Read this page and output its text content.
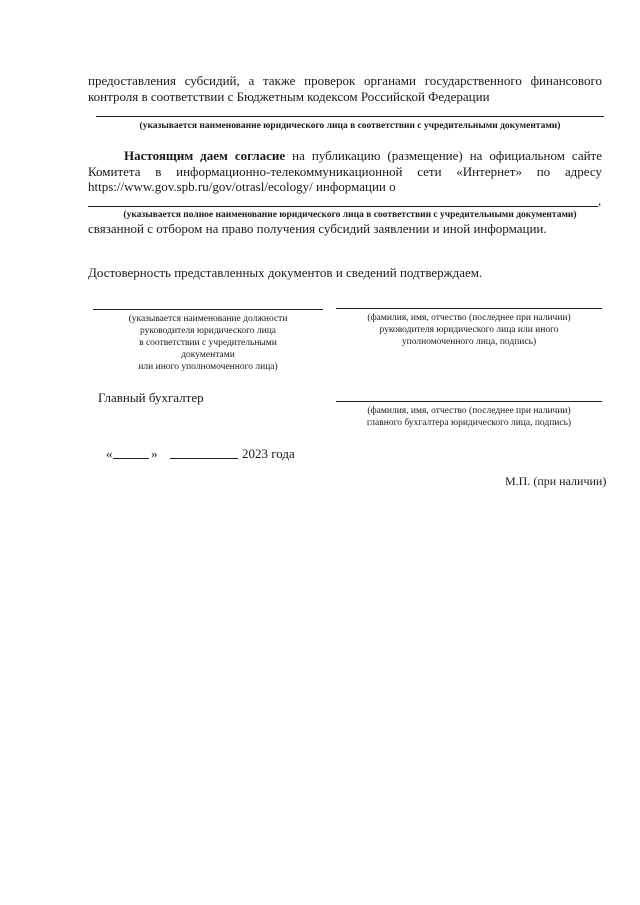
предоставления субсидий, а также проверок органами государственного финансового
контроля в соответствии с Бюджетным кодексом Российской Федерации
(указывается наименование юридического лица в соответствии с учредительными документами)
Настоящим даем согласие на публикацию (размещение) на официальном сайте
Комитета в информационно-телекоммуникационной сети «Интернет» по адресу
https://www.gov.spb.ru/gov/otrasl/ecology/ информации о
,
(указывается полное наименование юридического лица в соответствии с учредительными документами)
связанной с отбором на право получения субсидий заявлении и иной информации.
Достоверность представленных документов и сведений подтверждаем.
(указывается наименование должности
руководителя юридического лица
в соответствии с учредительными
документами
или иного уполномоченного лица)
(фамилия, имя, отчество (последнее при наличии)
руководителя юридического лица или иного
уполномоченного лица, подпись)
Главный бухгалтер
(фамилия, имя, отчество (последнее при наличии)
главного бухгалтера юридического лица, подпись)
«	»	2023 года
М.П. (при наличии)
